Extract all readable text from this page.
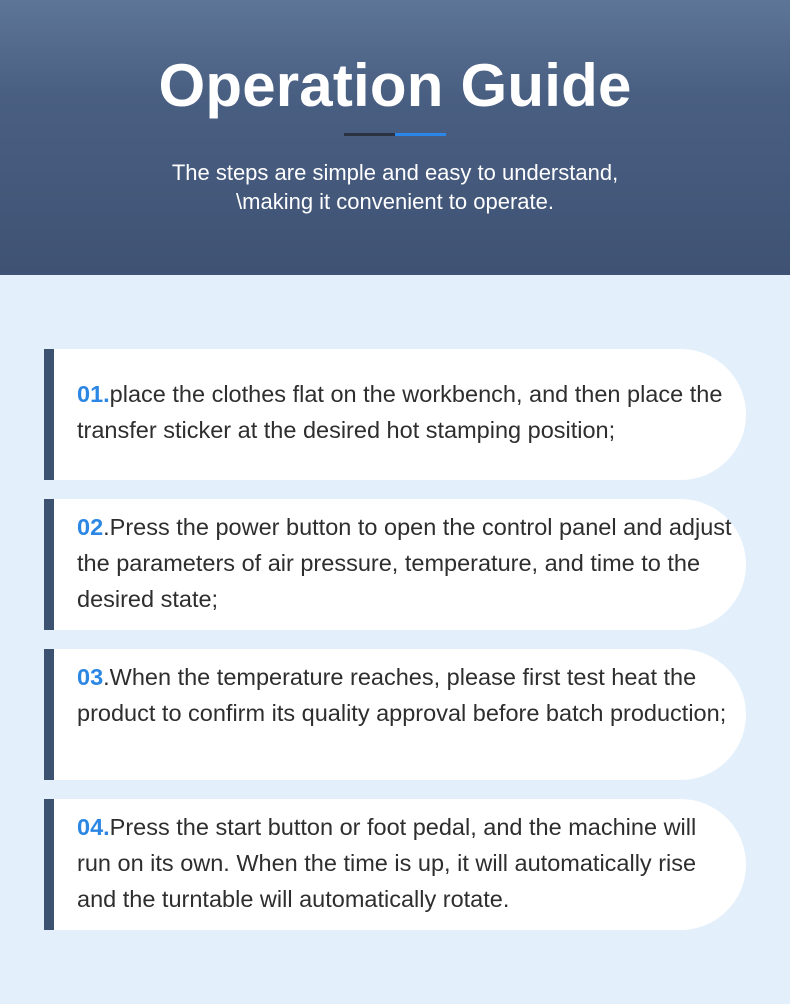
Operation Guide
The steps are simple and easy to understand,
\making it convenient to operate.
01.place the clothes flat on the workbench, and then place the transfer sticker at the desired hot stamping position;
02.Press the power button to open the control panel and adjust the parameters of air pressure, temperature, and time to the desired state;
03.When the temperature reaches, please first test heat the product to confirm its quality approval before batch production;
04.Press the start button or foot pedal, and the machine will run on its own. When the time is up, it will automatically rise and the turntable will automatically rotate.
